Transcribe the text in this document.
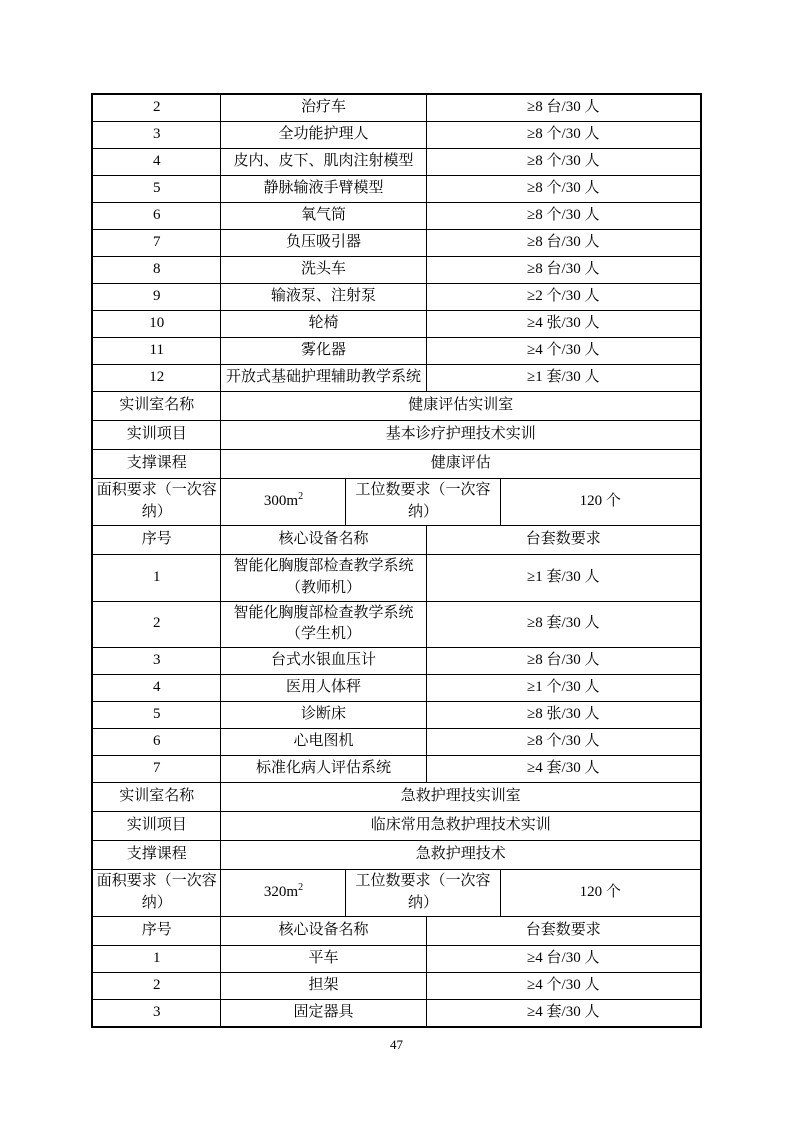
2	治疗车		≥8 台/30 人	
3	全功能护理人		≥8 个/30 人	
4	皮内、皮下、肌肉注射模型		≥8 个/30 人	
5	静脉输液手臂模型		≥8 个/30 人	
6	氧气筒		≥8 个/30 人	
7	负压吸引器		≥8 台/30 人	
8	洗头车		≥8 台/30 人	
9	输液泵、注射泵		≥2 个/30 人	
10	轮椅		≥4 张/30 人	
11	雾化器		≥4 个/30 人	
12	开放式基础护理辅助教学系统		≥1 套/30 人	
实训室名称	健康评估实训室			
实训项目	基本诊疗护理技术实训			
支撑课程	健康评估			
面积要求（一次容纳）	$300m^2$	工位数要求（一次容纳）		120 个
序号	核心设备名称		台套数要求	
1	智能化胸腹部检查教学系统（教师机）		≥1 套/30 人	
2	智能化胸腹部检查教学系统（学生机）		≥8 套/30 人	
3	台式水银血压计		≥8 台/30 人	
4	医用人体秤		≥1 个/30 人	
5	诊断床		≥8 张/30 人	
6	心电图机		≥8 个/30 人	
7	标准化病人评估系统		≥4 套/30 人	
实训室名称	急救护理技实训室			
实训项目	临床常用急救护理技术实训			
支撑课程	急救护理技术			
面积要求（一次容纳）	$320m^2$	工位数要求（一次容纳）		120 个
序号	核心设备名称		台套数要求	
1	平车		≥4 台/30 人	
2	担架		≥4 个/30 人	
3	固定器具		≥4 套/30 人	
47
